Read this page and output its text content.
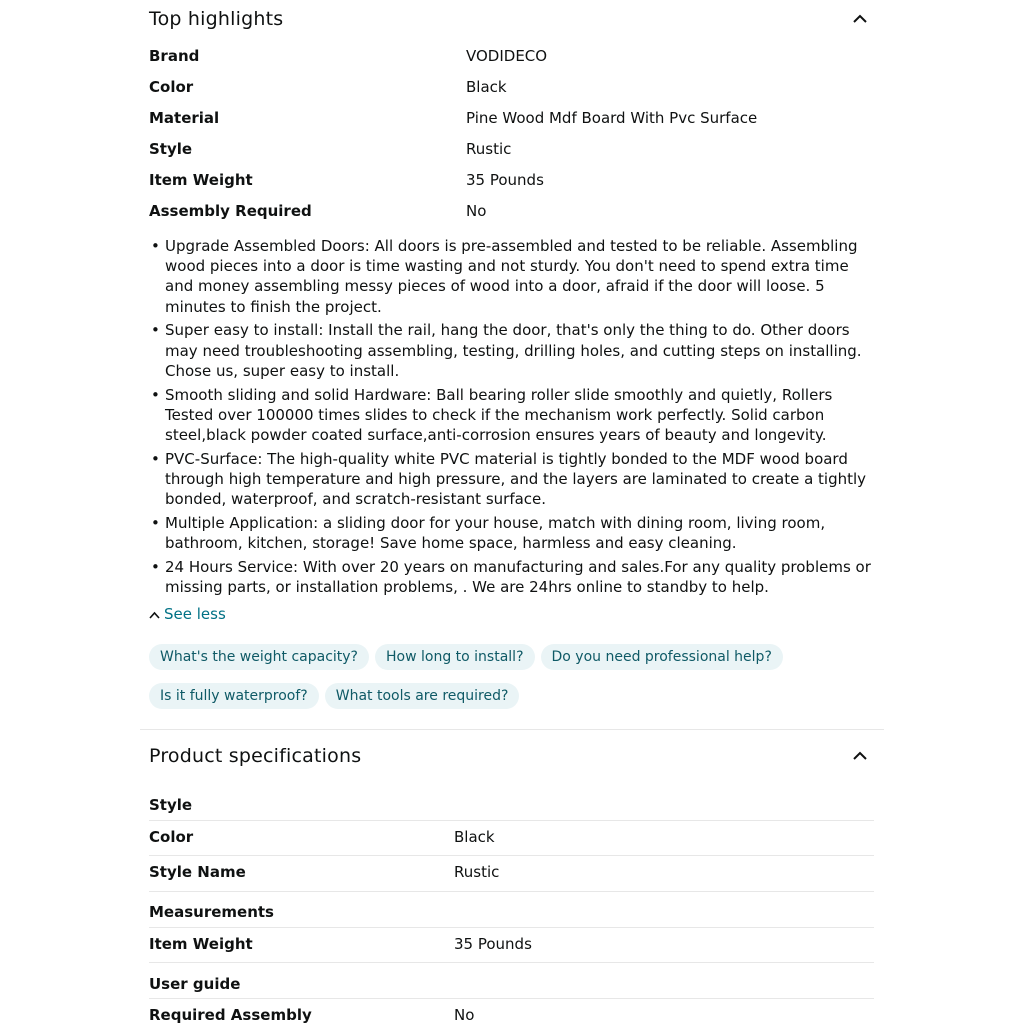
Top highlights
Brand	VODIDECO
Color	Black
Material	Pine Wood Mdf Board With Pvc Surface
Style	Rustic
Item Weight	35 Pounds
Assembly Required	No
• Upgrade Assembled Doors: All doors is pre-assembled and tested to be reliable. Assembling wood pieces into a door is time wasting and not sturdy. You don't need to spend extra time and money assembling messy pieces of wood into a door, afraid if the door will loose. 5 minutes to finish the project.
• Super easy to install: Install the rail, hang the door, that's only the thing to do. Other doors may need troubleshooting assembling, testing, drilling holes, and cutting steps on installing. Chose us, super easy to install.
• Smooth sliding and solid Hardware: Ball bearing roller slide smoothly and quietly, Rollers Tested over 100000 times slides to check if the mechanism work perfectly. Solid carbon steel,black powder coated surface,anti-corrosion ensures years of beauty and longevity.
• PVC-Surface: The high-quality white PVC material is tightly bonded to the MDF wood board through high temperature and high pressure, and the layers are laminated to create a tightly bonded, waterproof, and scratch-resistant surface.
• Multiple Application: a sliding door for your house, match with dining room, living room, bathroom, kitchen, storage! Save home space, harmless and easy cleaning.
• 24 Hours Service: With over 20 years on manufacturing and sales.For any quality problems or missing parts, or installation problems, . We are 24hrs online to standby to help.
See less
What's the weight capacity?	How long to install?	Do you need professional help?
Is it fully waterproof?	What tools are required?
Product specifications
Style
Color	Black
Style Name	Rustic
Measurements
Item Weight	35 Pounds
User guide
Required Assembly	No
